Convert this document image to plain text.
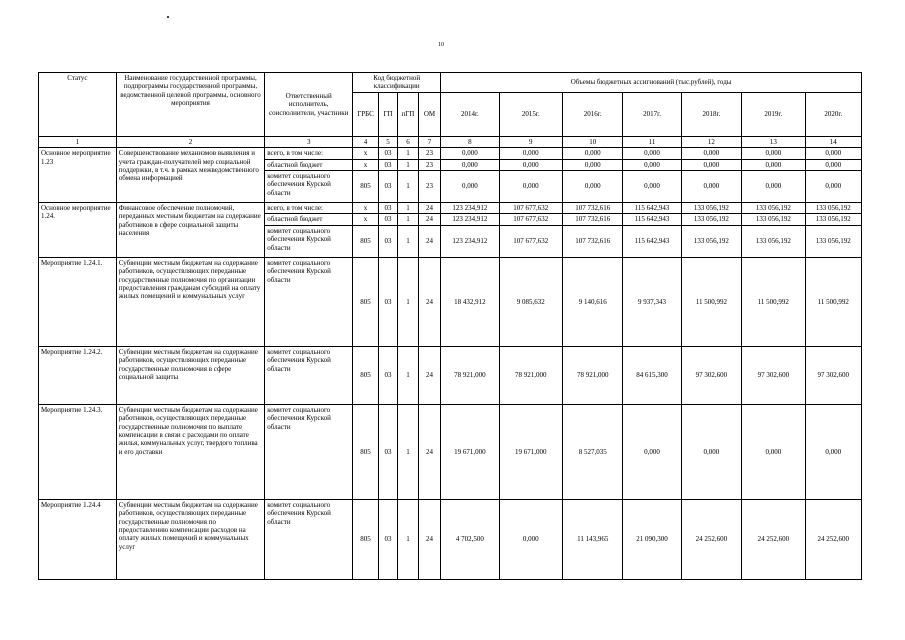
10
Статус	Наименование государственной программы, подпрограммы государственной программы, ведомственной целевой программы, основного мероприятия	Ответственный исполнитель, соисполнители, участники	Код бюджетной классификации				Объемы бюджетных ассигнований (тыс.рублей), годы						
			ГРБС	ГП	пГП	ОМ	2014г.	2015г.	2016г.	2017г.	2018г.	2019г.	2020г.
1	2	3	4	5	6	7	8	9	10	11	12	13	14
Основное мероприятие 1.23	Совершенствование механизмов выявления и учета граждан-получателей мер социальной поддержки, в т.ч. в рамках межведомственного обмена информацией	всего, в том числе:	x	03	1	23	0,000	0,000	0,000	0,000	0,000	0,000	0,000
		областной бюджет	x	03	1	23	0,000	0,000	0,000	0,000	0,000	0,000	0,000
		комитет социального обеспечения Курской области	805	03	1	23	0,000	0,000	0,000	0,000	0,000	0,000	0,000
Основное мероприятие 1.24.	Финансовое обеспечение полномочий, переданных местным бюджетам на содержание работников в сфере социальной защиты населения	всего, в том числе:	x	03	1	24	123 234,912	107 677,632	107 732,616	115 642,943	133 056,192	133 056,192	133 056,192
		областной бюджет	x	03	1	24	123 234,912	107 677,632	107 732,616	115 642,943	133 056,192	133 056,192	133 056,192
		комитет социального обеспечения Курской области	805	03	1	24	123 234,912	107 677,632	107 732,616	115 642,943	133 056,192	133 056,192	133 056,192
Мероприятие 1.24.1.	Субвенции местным бюджетам на содержание работников, осуществляющих переданные государственные полномочия по организации предоставления гражданам субсидий на оплату жилых помещений и коммунальных услуг	комитет социального обеспечения Курской области	805	03	1	24	18 432,912	9 085,632	9 140,616	9 937,343	11 500,992	11 500,992	11 500,992
Мероприятие 1.24.2.	Субвенции местным бюджетам на содержание работников, осуществляющих переданные государственные полномочия в сфере социальной защиты	комитет социального обеспечения Курской области	805	03	1	24	78 921,000	78 921,000	78 921,000	84 615,300	97 302,600	97 302,600	97 302,600
Мероприятие 1.24.3.	Субвенции местным бюджетам на содержание работников, осуществляющих переданные государственные полномочия по выплате компенсации в связи с расходами по оплате жилья, коммунальных услуг, твердого топлива и его доставки	комитет социального обеспечения Курской области	805	03	1	24	19 671,000	19 671,000	8 527,035	0,000	0,000	0,000	0,000
Мероприятие 1.24.4	Субвенции местным бюджетам на содержание работников, осуществляющих переданные государственные полномочия по предоставлению компенсации расходов на оплату жилых помещений и коммунальных услуг	комитет социального обеспечения Курской области	805	03	1	24	4 702,500	0,000	11 143,965	21 090,300	24 252,600	24 252,600	24 252,600
